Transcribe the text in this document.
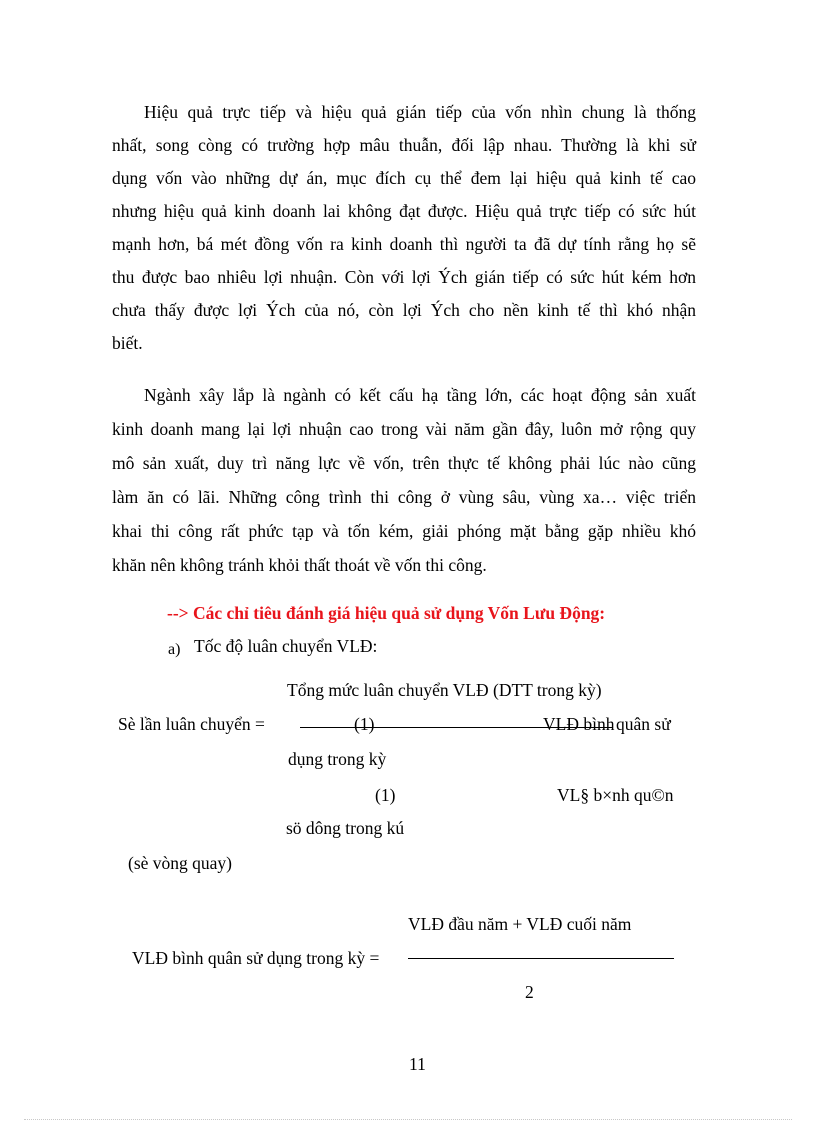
Hiệu quả trực tiếp và hiệu quả gián tiếp của vốn nhìn chung là thống
nhất, song còng có trường hợp mâu thuẫn, đối lập nhau. Thường là khi sử
dụng vốn vào những dự án, mục đích cụ thể đem lại hiệu quả kinh tế cao
nhưng hiệu quả kinh doanh lai không đạt được. Hiệu quả trực tiếp có sức hút
mạnh hơn, bá mét đồng vốn ra kinh doanh thì người ta đã dự tính rằng họ sẽ
thu được bao nhiêu lợi nhuận. Còn với lợi Ých gián tiếp có sức hút kém hơn
chưa thấy được lợi Ých của nó, còn lợi Ých cho nền kinh tế thì khó nhận
biết.
Ngành xây lắp là ngành có kết cấu hạ tầng lớn, các hoạt động sản xuất
kinh doanh mang lại lợi nhuận cao trong vài năm gần đây, luôn mở rộng quy
mô sản xuất, duy trì năng lực về vốn, trên thực tế không phải lúc nào cũng
làm ăn có lãi. Những công trình thi công ở vùng sâu, vùng xa… việc triển
khai thi công rất phức tạp và tốn kém, giải phóng mặt bằng gặp nhiều khó
khăn nên không tránh khỏi thất thoát về vốn thi công.
--> Các chỉ tiêu đánh giá hiệu quả sử dụng Vốn Lưu Động:
a) Tốc độ luân chuyển VLĐ:
Tổng mức luân chuyển VLĐ (DTT trong kỳ)
Sè lần luân chuyển =	(1)	VLĐ bình quân sử
dụng trong kỳ
(1)	VL§ b×nh qu©n
sö dông trong kú
(sè vòng quay)
VLĐ đầu năm + VLĐ cuối năm
VLĐ bình quân sử dụng trong kỳ =
2
11
